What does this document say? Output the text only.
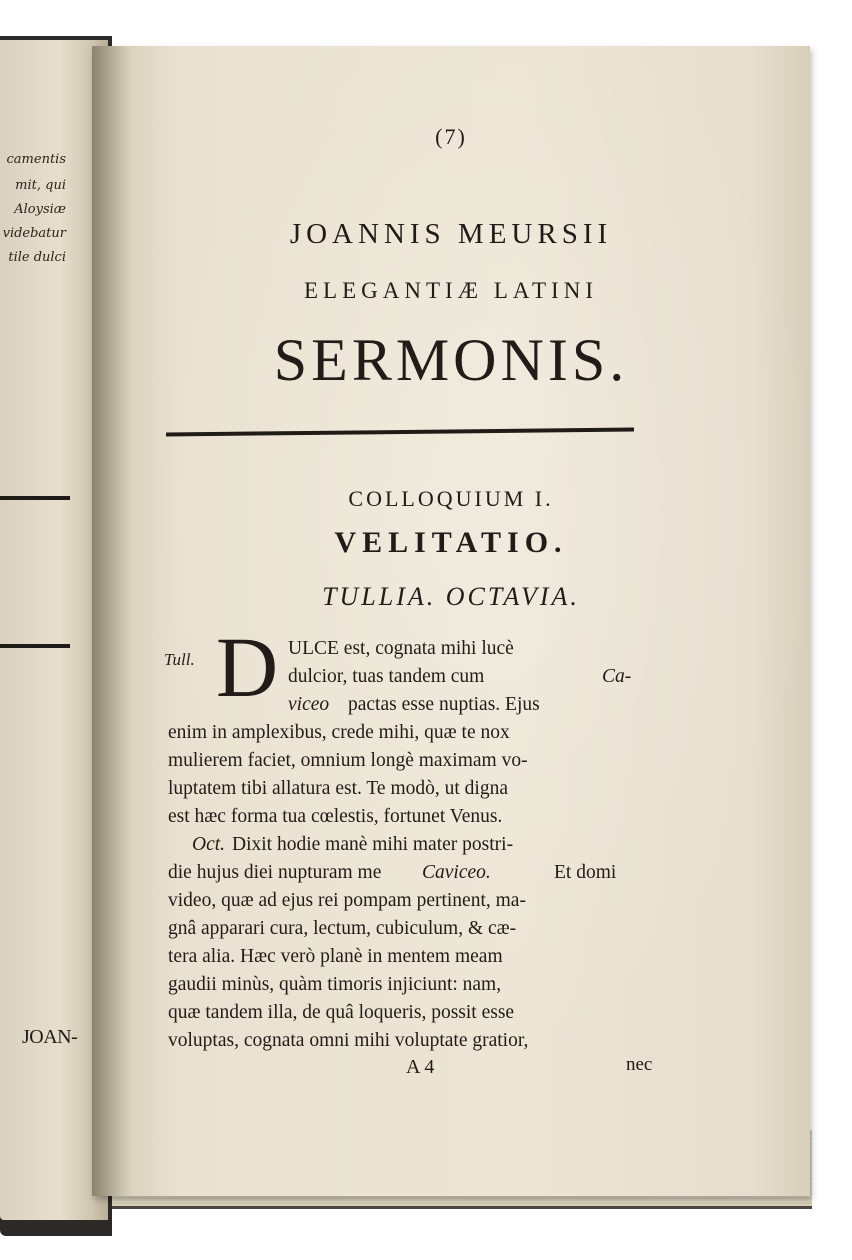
camentis
mit, qui
Aloysiæ
videbatur
tile dulci
JOAN-
(7)
JOANNIS MEURSII
ELEGANTIÆ LATINI
SERMONIS.
COLLOQUIUM I.
VELITATIO.
TULLIA. OCTAVIA.
Tull. D ULCE est, cognata mihi lucè
dulcior, tuas tandem cum	Ca-
viceo pactas esse nuptias. Ejus
enim in amplexibus, crede mihi, quæ te nox
mulierem faciet, omnium longè maximam vo-
luptatem tibi allatura est. Te modò, ut digna
est hæc forma tua cœlestis, fortunet Venus.
Oct. Dixit hodie manè mihi mater postri-
die hujus diei nupturam me Caviceo.	Et domi
video, quæ ad ejus rei pompam pertinent, ma-
gnâ apparari cura, lectum, cubiculum, & cæ-
tera alia. Hæc verò planè in mentem meam
gaudii minùs, quàm timoris injiciunt: nam,
quæ tandem illa, de quâ loqueris, possit esse
voluptas, cognata omni mihi voluptate gratior,
A 4	nec
